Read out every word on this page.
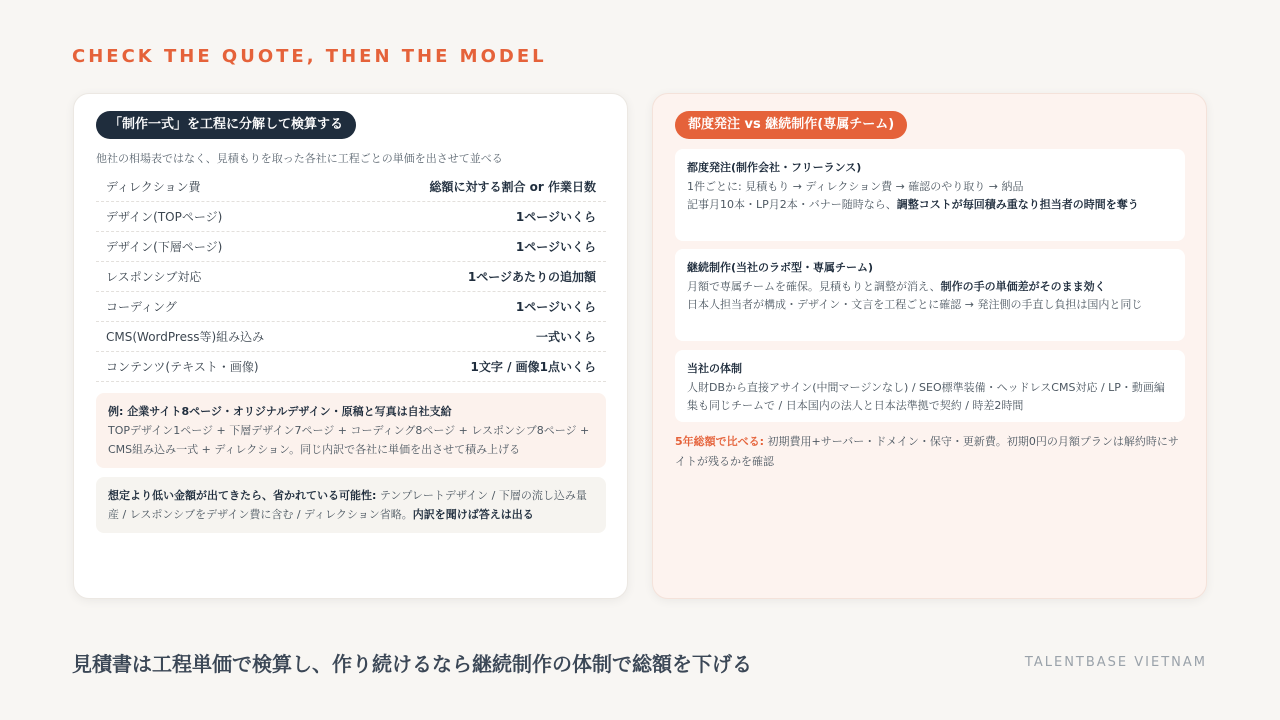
CHECK THE QUOTE, THEN THE MODEL
「制作一式」を工程に分解して検算する
他社の相場表ではなく、見積もりを取った各社に工程ごとの単価を出させて並べる
ディレクション費	総額に対する割合 or 作業日数
デザイン(TOPページ)	1ページいくら
デザイン(下層ページ)	1ページいくら
レスポンシブ対応	1ページあたりの追加額
コーディング	1ページいくら
CMS(WordPress等)組み込み	一式いくら
コンテンツ(テキスト・画像)	1文字 / 画像1点いくら
例: 企業サイト8ページ・オリジナルデザイン・原稿と写真は自社支給
TOPデザイン1ページ + 下層デザイン7ページ + コーディング8ページ + レスポンシブ8ページ + CMS組み込み一式 + ディレクション。同じ内訳で各社に単価を出させて積み上げる
想定より低い金額が出てきたら、省かれている可能性: テンプレートデザイン / 下層の流し込み量産 / レスポンシブをデザイン費に含む / ディレクション省略。内訳を聞けば答えは出る
都度発注 vs 継続制作(専属チーム)
都度発注(制作会社・フリーランス)
1件ごとに: 見積もり → ディレクション費 → 確認のやり取り → 納品
記事月10本・LP月2本・バナー随時なら、調整コストが毎回積み重なり担当者の時間を奪う
継続制作(当社のラボ型・専属チーム)
月額で専属チームを確保。見積もりと調整が消え、制作の手の単価差がそのまま効く
日本人担当者が構成・デザイン・文言を工程ごとに確認 → 発注側の手直し負担は国内と同じ
当社の体制
人財DBから直接アサイン(中間マージンなし) / SEO標準装備・ヘッドレスCMS対応 / LP・動画編集も同じチームで / 日本国内の法人と日本法準拠で契約 / 時差2時間
5年総額で比べる: 初期費用+サーバー・ドメイン・保守・更新費。初期0円の月額プランは解約時にサイトが残るかを確認
見積書は工程単価で検算し、作り続けるなら継続制作の体制で総額を下げる	TALENTBASE VIETNAM
